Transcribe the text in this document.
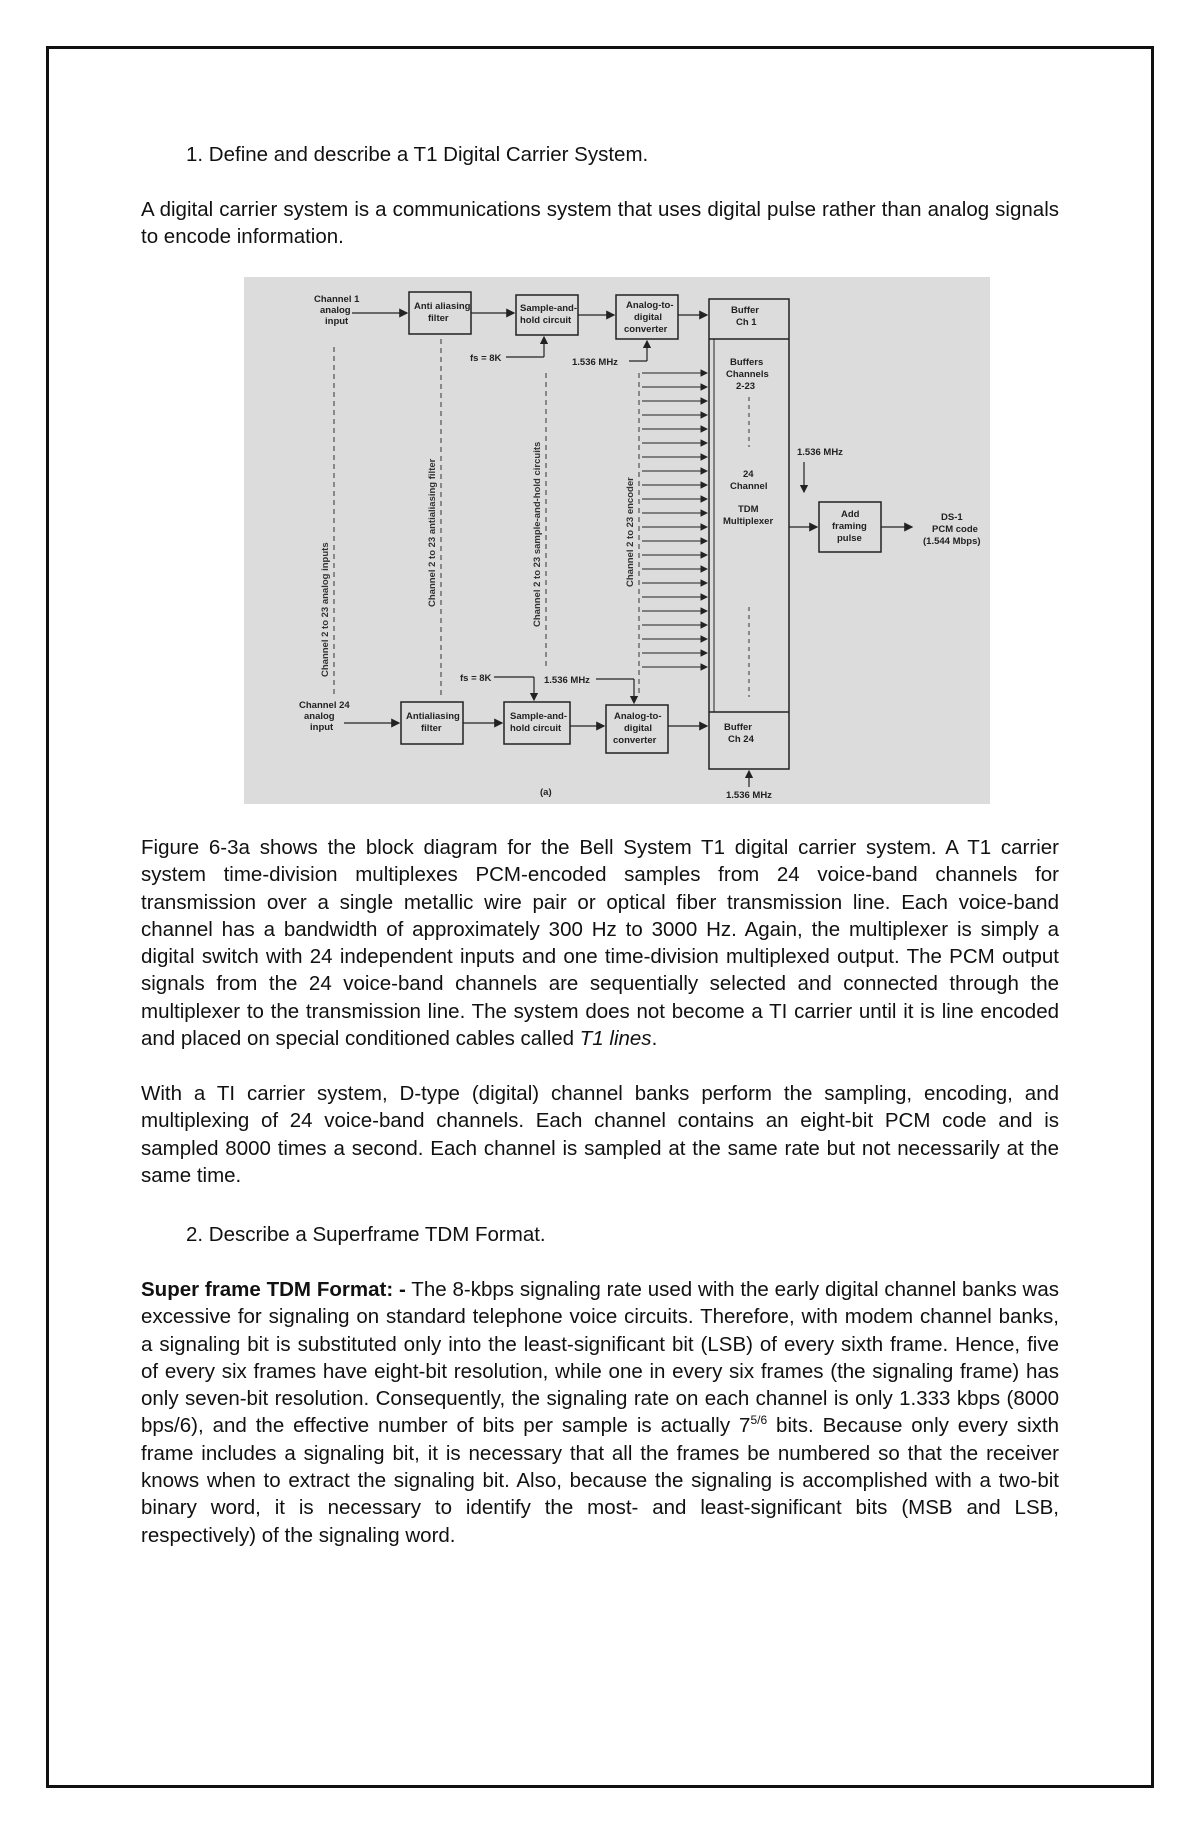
1. Define and describe a T1 Digital Carrier System.

A digital carrier system is a communications system that uses digital pulse rather than analog signals to encode information.

Channel 1
analog
input
Anti aliasing
filter
Sample-and-
hold circuit
Analog-to-
digital
converter
Buffer
Ch 1
Buffers
Channels
2-23
24
Channel
TDM
Multiplexer
Buffer
Ch 24
Add
framing
pulse
DS-1
PCM code
(1.544 Mbps)
fs = 8K	1.536 MHz
1.536 MHz
fs = 8K	1.536 MHz
Channel 24
analog
input
Antialiasing
filter
Sample-and-
hold circuit
Analog-to-
digital
converter
1.536 MHz
(a)
Channel 2 to 23 analog inputs
Channel 2 to 23 antialiasing filter	Channel 2 to 23 sample-and-hold circuits	Channel 2 to 23 encoder

Figure 6-3a shows the block diagram for the Bell System T1 digital carrier system. A T1 carrier system time-division multiplexes PCM-encoded samples from 24 voice-band channels for transmission over a single metallic wire pair or optical fiber transmission line. Each voice-band channel has a bandwidth of approximately 300 Hz to 3000 Hz. Again, the multiplexer is simply a digital switch with 24 independent inputs and one time-division multiplexed output. The PCM output signals from the 24 voice-band channels are sequentially selected and connected through the multiplexer to the transmission line. The system does not become a TI carrier until it is line encoded and placed on special conditioned cables called T1 lines.

With a TI carrier system, D-type (digital) channel banks perform the sampling, encoding, and multiplexing of 24 voice-band channels. Each channel contains an eight-bit PCM code and is sampled 8000 times a second. Each channel is sampled at the same rate but not necessarily at the same time.

2. Describe a Superframe TDM Format.

Super frame TDM Format: - The 8-kbps signaling rate used with the early digital channel banks was excessive for signaling on standard telephone voice circuits. Therefore, with modem channel banks, a signaling bit is substituted only into the least-significant bit (LSB) of every sixth frame. Hence, five of every six frames have eight-bit resolution, while one in every six frames (the signaling frame) has only seven-bit resolution. Consequently, the signaling rate on each channel is only 1.333 kbps (8000 bps/6), and the effective number of bits per sample is actually $7^{5/6}$ bits. Because only every sixth frame includes a signaling bit, it is necessary that all the frames be numbered so that the receiver knows when to extract the signaling bit. Also, because the signaling is accomplished with a two-bit binary word, it is necessary to identify the most- and least-significant bits (MSB and LSB, respectively) of the signaling word.
